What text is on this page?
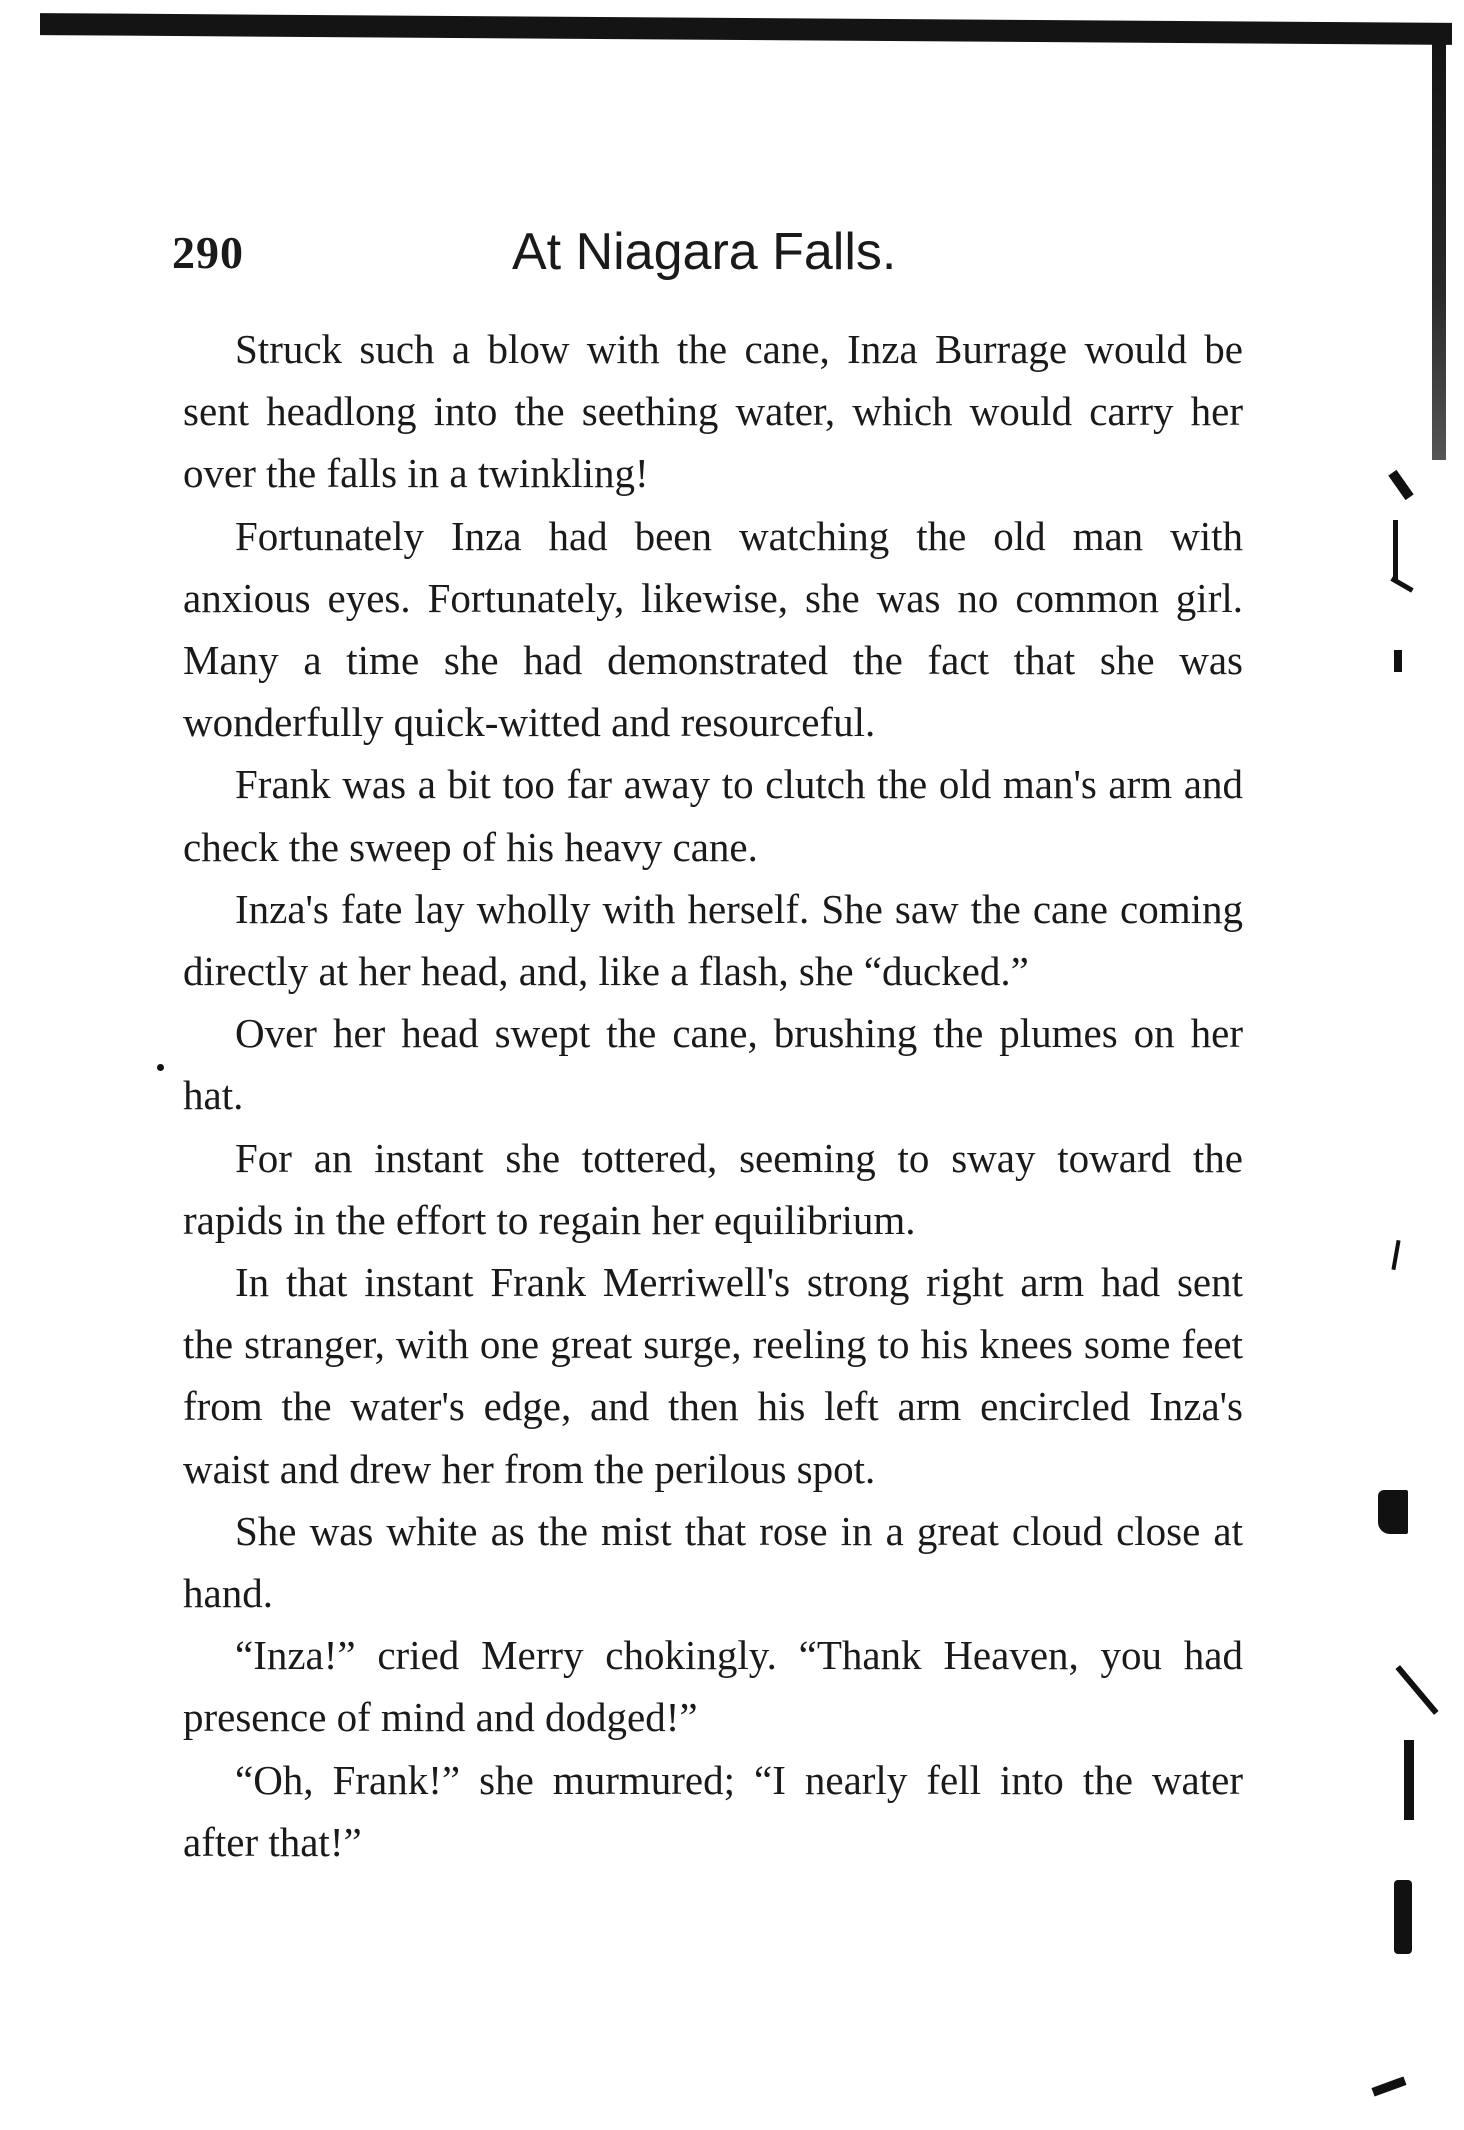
290	At Niagara Falls.

Struck such a blow with the cane, Inza Burrage would be sent headlong into the seething water, which would carry her over the falls in a twinkling!

Fortunately Inza had been watching the old man with anxious eyes. Fortunately, likewise, she was no common girl. Many a time she had demonstrated the fact that she was wonderfully quick-witted and resourceful.

Frank was a bit too far away to clutch the old man's arm and check the sweep of his heavy cane.

Inza's fate lay wholly with herself. She saw the cane coming directly at her head, and, like a flash, she “ducked.”

Over her head swept the cane, brushing the plumes on her hat.

For an instant she tottered, seeming to sway toward the rapids in the effort to regain her equilibrium.

In that instant Frank Merriwell's strong right arm had sent the stranger, with one great surge, reeling to his knees some feet from the water's edge, and then his left arm encircled Inza's waist and drew her from the perilous spot.

She was white as the mist that rose in a great cloud close at hand.

“Inza!” cried Merry chokingly. “Thank Heaven, you had presence of mind and dodged!”

“Oh, Frank!” she murmured; “I nearly fell into the water after that!”
